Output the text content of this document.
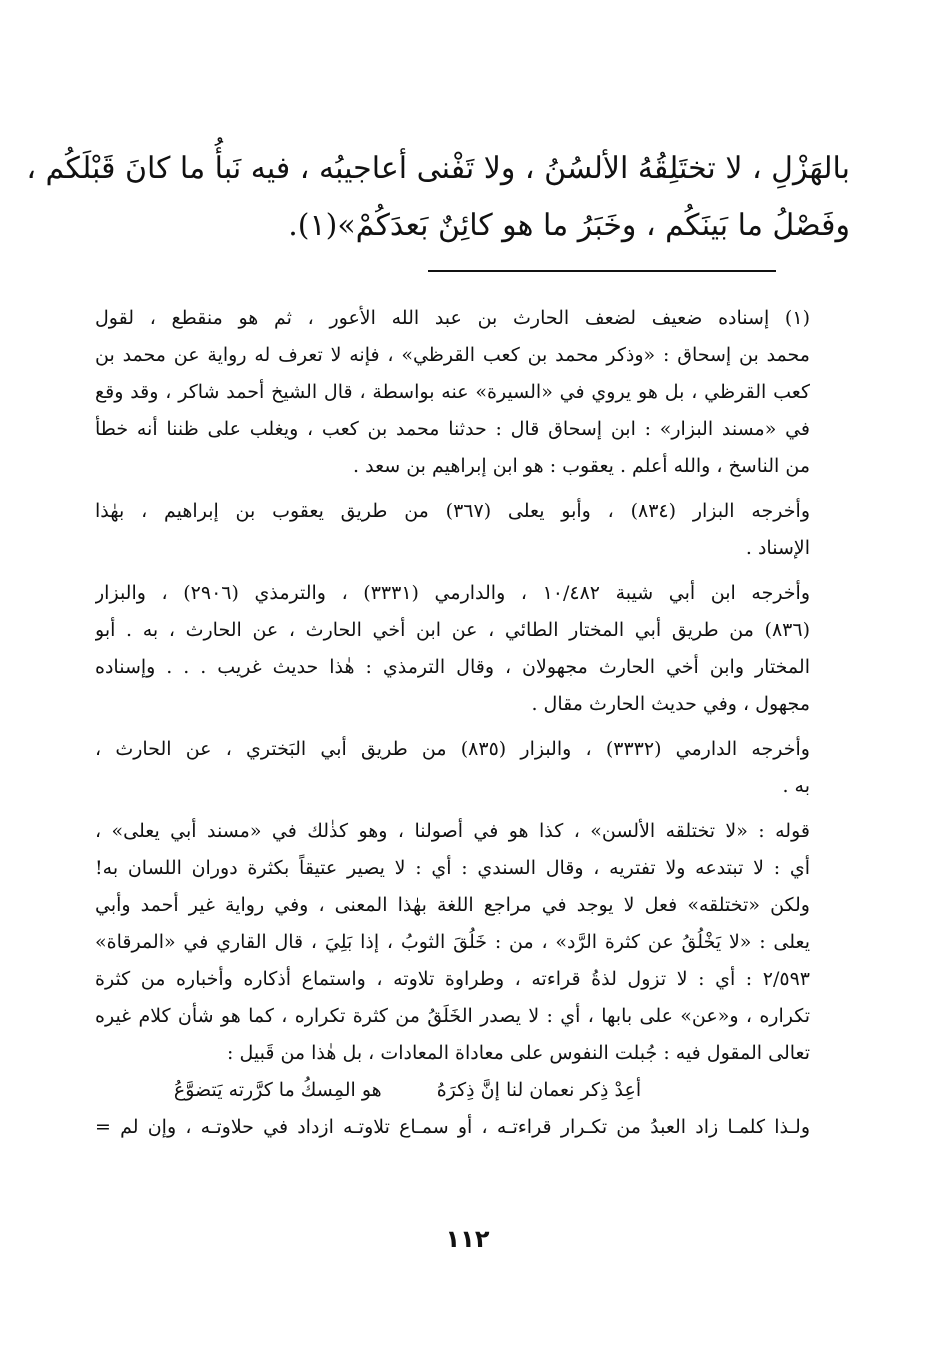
بالهَزْلِ ، لا تختَلِقُهُ الألسُنُ ، ولا تَفْنى أعاجيبُه ، فيه نَبأُ ما كانَ قَبْلَكُم ،
وفَصْلُ ما بَينَكُم ، وخَبَرُ ما هو كائِنٌ بَعدَكُمْ»(١).
(١) إسناده ضعيف لضعف الحارث بن عبد الله الأعور ، ثم هو منقطع ، لقول
محمد بن إسحاق : «وذكر محمد بن كعب القرظي» ، فإنه لا تعرف له رواية عن محمد بن
كعب القرظي ، بل هو يروي في «السيرة» عنه بواسطة ، قال الشيخ أحمد شاكر ، وقد وقع
في «مسند البزار» : ابن إسحاق قال : حدثنا محمد بن كعب ، ويغلب على ظننا أنه خطأ
من الناسخ ، والله أعلم . يعقوب : هو ابن إبراهيم بن سعد .
وأخرجه البزار (٨٣٤) ، وأبو يعلى (٣٦٧) من طريق يعقوب بن إبراهيم ، بهٰذا
الإسناد .
وأخرجه ابن أبي شيبة ١٠/٤٨٢ ، والدارمي (٣٣٣١) ، والترمذي (٢٩٠٦) ، والبزار
(٨٣٦) من طريق أبي المختار الطائي ، عن ابن أخي الحارث ، عن الحارث ، به . أبو
المختار وابن أخي الحارث مجهولان ، وقال الترمذي : هٰذا حديث غريب . . . وإسناده
مجهول ، وفي حديث الحارث مقال .
وأخرجه الدارمي (٣٣٣٢) ، والبزار (٨٣٥) من طريق أبي البَختري ، عن الحارث ،
به .
قوله : «لا تختلقه الألسن» ، كذا هو في أصولنا ، وهو كذٰلك في «مسند أبي يعلى» ،
أي : لا تبتدعه ولا تفتريه ، وقال السندي : أي : لا يصير عتيقاً بكثرة دوران اللسان به!
ولكن «تختلقه» فعل لا يوجد في مراجع اللغة بهٰذا المعنى ، وفي رواية غير أحمد وأبي
يعلى : «لا يَخْلُقُ عن كثرة الرَّد» ، من : خَلُقَ الثوبُ ، إذا بَلِيَ ، قال القاري في «المرقاة»
٢/٥٩٣ : أي : لا تزول لذةُ قراءته ، وطراوة تلاوته ، واستماع أذكاره وأخباره من كثرة
تكراره ، و«عن» على بابها ، أي : لا يصدر الخَلَقُ من كثرة تكراره ، كما هو شأن كلام غيره
تعالى المقول فيه : جُبلت النفوس على معاداة المعادات ، بل هٰذا من قَبيل :
أعِدْ ذِكر نعمان لنا إنَّ ذِكرَهُ
هو المِسكُ ما كرَّرته يَتضوَّعُ
ولـذا كلمـا زاد العبدُ من تكـرار قراءتـه ، أو سمـاع تلاوتـه ازداد في حلاوتـه ، وإن لم =
١١٢
